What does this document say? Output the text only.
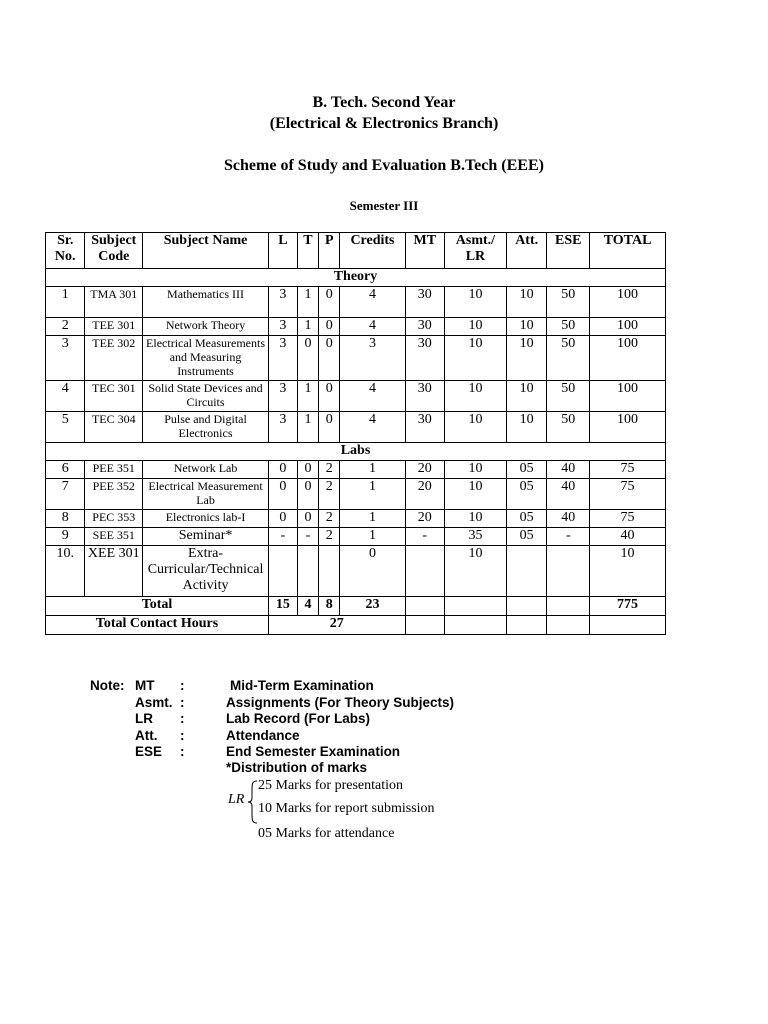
B. Tech. Second Year
(Electrical & Electronics Branch)
Scheme of Study and Evaluation B.Tech (EEE)
Semester III
Sr. No.	Subject Code	Subject Name	L	T	P	Credits	MT	Asmt./ LR	Att.	ESE	TOTAL
Theory											
1	TMA 301	Mathematics III	3	1	0	4	30	10	10	50	100
2	TEE 301	Network Theory	3	1	0	4	30	10	10	50	100
3	TEE 302	Electrical Measurements and Measuring Instruments	3	0	0	3	30	10	10	50	100
4	TEC 301	Solid State Devices and Circuits	3	1	0	4	30	10	10	50	100
5	TEC 304	Pulse and Digital Electronics	3	1	0	4	30	10	10	50	100
Labs											
6	PEE 351	Network Lab	0	0	2	1	20	10	05	40	75
7	PEE 352	Electrical Measurement Lab	0	0	2	1	20	10	05	40	75
8	PEC 353	Electronics lab-I	0	0	2	1	20	10	05	40	75
9	SEE 351	Seminar*	-	-	2	1	-	35	05	-	40
10.	XEE 301	Extra-Curricular/Technical Activity				0		10			10
Total			15	4	8	23					775
Total Contact Hours			27								
Note: MT :	Mid-Term Examination
Asmt. :	Assignments (For Theory Subjects)
LR :	Lab Record (For Labs)
Att. :	Attendance
ESE :	End Semester Examination
*Distribution of marks
LR
25 Marks for presentation
10 Marks for report submission
05 Marks for attendance
